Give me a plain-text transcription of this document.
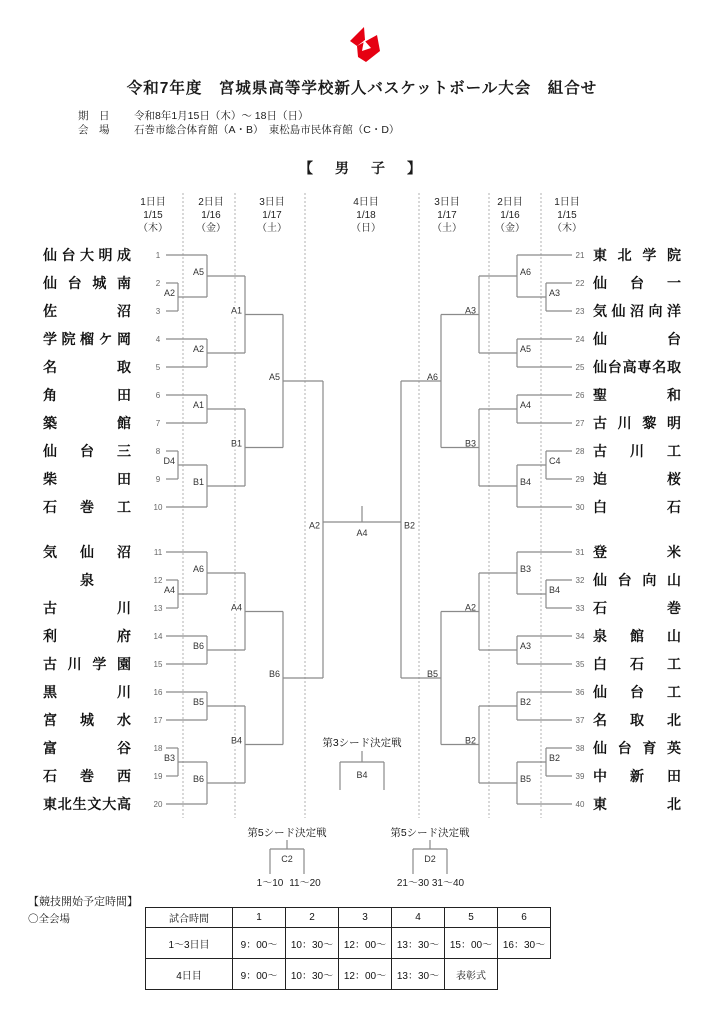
令和7年度　宮城県高等学校新人バスケットボール大会　組合せ
期　日	令和8年1月15日（木）～ 18日（日）
会　場	石巻市総合体育館（A・B）　東松島市民体育館（C・D）
【　男　子　】
1日目
1/15
（木）
2日目
1/16
（金）
3日目
1/17
（土）
4日目
1/18
（日）
3日目
1/17
（土）
2日目
1/16
（金）
1日目
1/15
（木）
仙 台 大 明 成	1
仙 台 城 南	2
佐	沼	3
学 院 榴 ケ 岡	4
名	取	5
角	田	6
築	館	7
仙 台 三	8
柴	田	9
石 巻 工	10
気 仙 沼	11
泉	12
古	川	13
利	府	14
古 川 学 園	15
黒	川	16
宮 城 水	17
富	谷	18
石 巻 西	19
東 北 生 文 大 高	20
A2
D4
A4
B3
A5
A2
A1
B1
A6
B6
B5
B6
A1
B1
A4
B4
A5
B6
A2
東 北 学 院
21
仙 台 一
22
気 仙 沼 向 洋
23
仙	台
24
仙 台 高 専 名 取
25
聖	和
26
古 川 黎 明
27
古 川 工
28
迫	桜
29
白	石
30
登	米
31
仙 台 向 山
32
石	巻
33
泉 館 山
34
白 石 工
35
仙 台 工
36
名 取 北
37
仙 台 育 英
38
中 新 田
39
東	北
40
A3
C4
B4
B2
A6
A5
A4
B4
B3
A3
B2
B5
A3
B3
A2
B2
A6
B5
B2
A4
第3シード決定戦
B4
第5シード決定戦
C2
1～10 11～20
第5シード決定戦
D2
21～30 31～40
【競技開始予定時間】
〇全会場	試合時間	1	2	3	4	5	6
1～3日目	9：00～	10：30～	12：00～	13：30～	15：00～	16：30～
4日目	9：00～	10：30～	12：00～	13：30～	表彰式	
